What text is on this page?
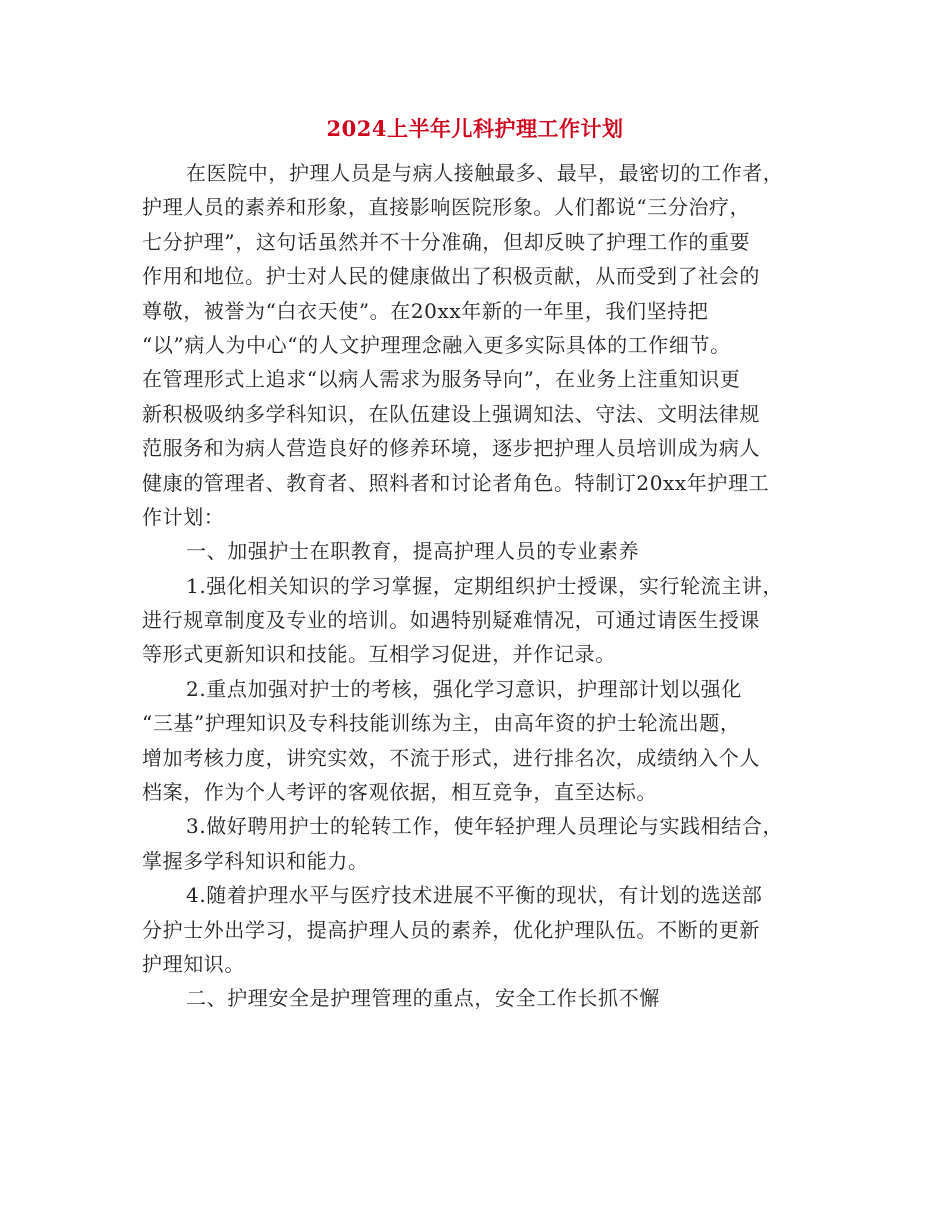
2024上半年儿科护理工作计划
在医院中，护理人员是与病人接触最多、最早，最密切的工作者，
护理人员的素养和形象，直接影响医院形象。人们都说“三分治疗，
七分护理”，这句话虽然并不十分准确，但却反映了护理工作的重要
作用和地位。护士对人民的健康做出了积极贡献，从而受到了社会的
尊敬，被誉为“白衣天使”。在20xx年新的一年里，我们坚持把
“以”病人为中心“的人文护理理念融入更多实际具体的工作细节。
在管理形式上追求“以病人需求为服务导向”，在业务上注重知识更
新积极吸纳多学科知识，在队伍建设上强调知法、守法、文明法律规
范服务和为病人营造良好的修养环境，逐步把护理人员培训成为病人
健康的管理者、教育者、照料者和讨论者角色。特制订20xx年护理工
作计划：
一、加强护士在职教育，提高护理人员的专业素养
1.强化相关知识的学习掌握，定期组织护士授课，实行轮流主讲，
进行规章制度及专业的培训。如遇特别疑难情况，可通过请医生授课
等形式更新知识和技能。互相学习促进，并作记录。
2.重点加强对护士的考核，强化学习意识，护理部计划以强化
“三基”护理知识及专科技能训练为主，由高年资的护士轮流出题，
增加考核力度，讲究实效，不流于形式，进行排名次，成绩纳入个人
档案，作为个人考评的客观依据，相互竞争，直至达标。
3.做好聘用护士的轮转工作，使年轻护理人员理论与实践相结合，
掌握多学科知识和能力。
4.随着护理水平与医疗技术进展不平衡的现状，有计划的选送部
分护士外出学习，提高护理人员的素养，优化护理队伍。不断的更新
护理知识。
二、护理安全是护理管理的重点，安全工作长抓不懈
